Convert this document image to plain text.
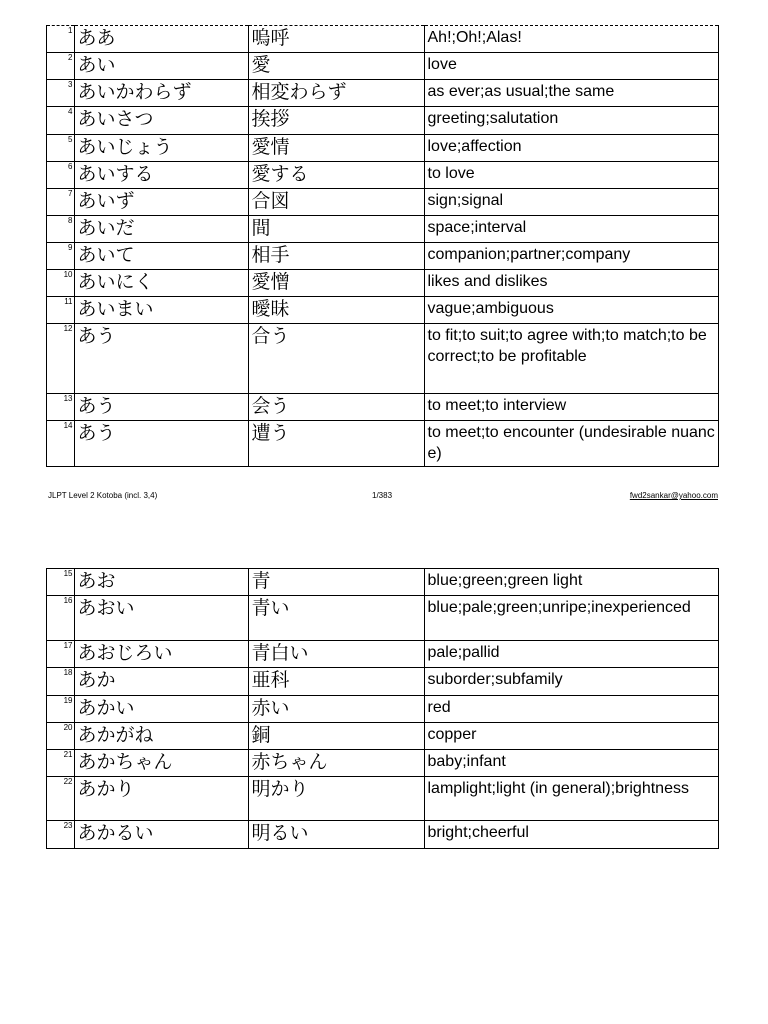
	1	ああ	嗚呼	Ah!;Oh!;Alas!
	2	あい	愛	love
	3	あいかわらず	相変わらず	as ever;as usual;the same
	4	あいさつ	挨拶	greeting;salutation
	5	あいじょう	愛情	love;affection
	6	あいする	愛する	to love
	7	あいず	合図	sign;signal
	8	あいだ	間	space;interval
	9	あいて	相手	companion;partner;company
	10	あいにく	愛憎	likes and dislikes
	11	あいまい	曖昧	vague;ambiguous
	12	あう	合う	to fit;to suit;to agree with;to match;to be correct;to be profitable
	13	あう	会う	to meet;to interview
	14	あう	遭う	to meet;to encounter (undesirable nuance)
JLPT Level 2 Kotoba (incl. 3,4)	1/383	fwd2sankar@yahoo.com
	15	あお	青	blue;green;green light
	16	あおい	青い	blue;pale;green;unripe;inexperienced
	17	あおじろい	青白い	pale;pallid
	18	あか	亜科	suborder;subfamily
	19	あかい	赤い	red
	20	あかがね	銅	copper
	21	あかちゃん	赤ちゃん	baby;infant
	22	あかり	明かり	lamplight;light (in general);brightness
	23	あかるい	明るい	bright;cheerful
